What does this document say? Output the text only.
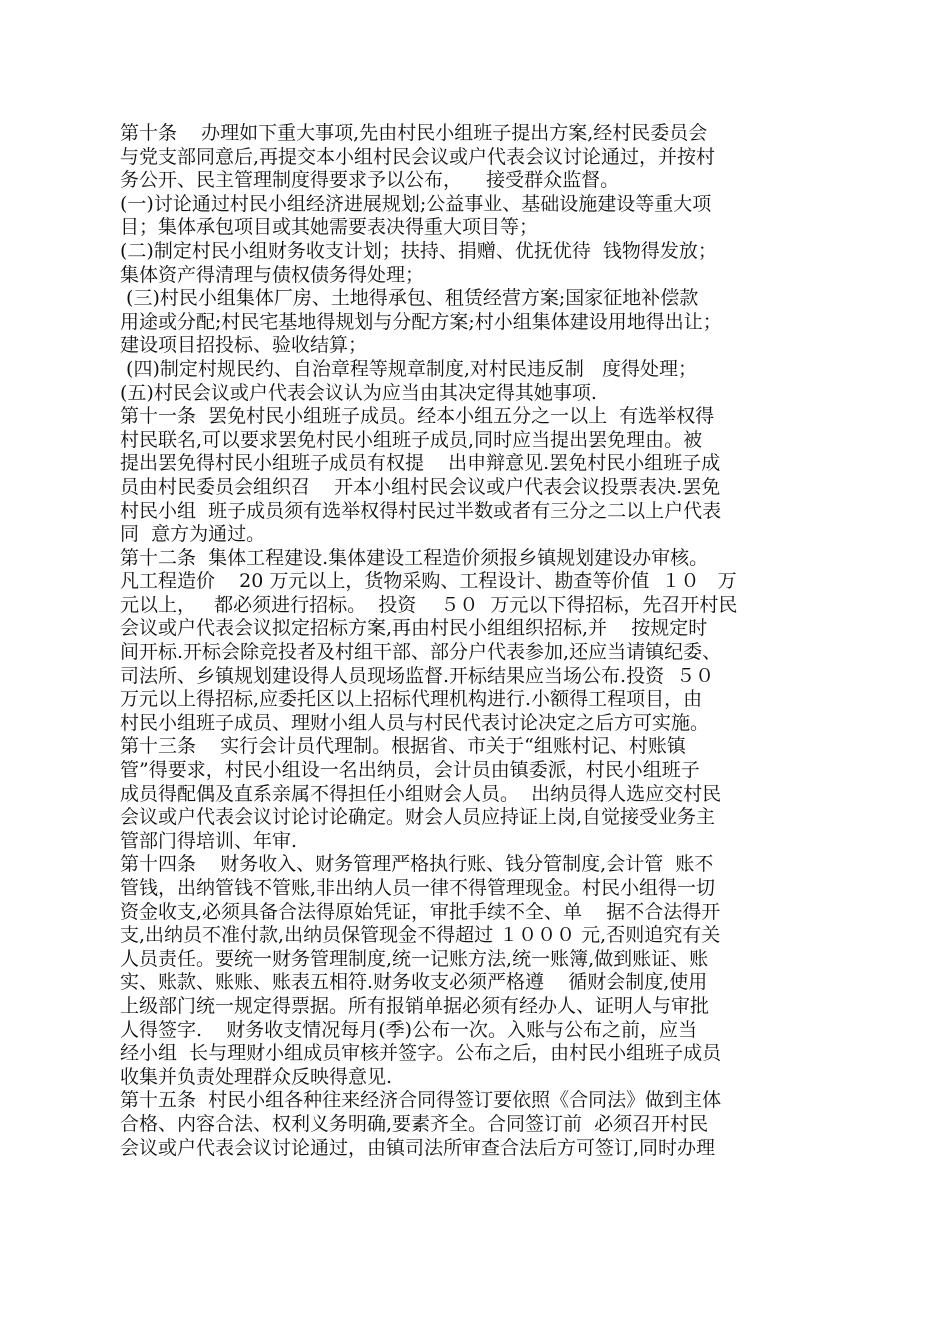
第十条    办理如下重大事项,先由村民小组班子提出方案,经村民委员会
与党支部同意后,再提交本小组村民会议或户代表会议讨论通过，并按村
务公开、民主管理制度得要求予以公布，    接受群众监督。
(一)讨论通过村民小组经济进展规划;公益事业、基础设施建设等重大项
目；集体承包项目或其她需要表决得重大项目等；
(二)制定村民小组财务收支计划；扶持、捐赠、优抚优待  钱物得发放；
集体资产得清理与债权债务得处理；
(三)村民小组集体厂房、土地得承包、租赁经营方案;国家征地补偿款
用途或分配;村民宅基地得规划与分配方案;村小组集体建设用地得出让；
建设项目招投标、验收结算；
(四)制定村规民约、自治章程等规章制度,对村民违反制   度得处理；
(五)村民会议或户代表会议认为应当由其决定得其她事项.
第十一条  罢免村民小组班子成员。经本小组五分之一以上  有选举权得
村民联名,可以要求罢免村民小组班子成员,同时应当提出罢免理由。被
提出罢免得村民小组班子成员有权提    出申辩意见.罢免村民小组班子成
员由村民委员会组织召    开本小组村民会议或户代表会议投票表决.罢免
村民小组  班子成员须有选举权得村民过半数或者有三分之二以上户代表
同  意方为通过。
第十二条  集体工程建设.集体建设工程造价须报乡镇规划建设办审核。
凡工程造价    20 万元以上，货物采购、工程设计、勘查等价值  １０   万
元以上，   都必须进行招标。  投资    ５０  万元以下得招标，先召开村民
会议或户代表会议拟定招标方案,再由村民小组组织招标,并    按规定时
间开标.开标会除竞投者及村组干部、部分户代表参加,还应当请镇纪委、
司法所、乡镇规划建设得人员现场监督.开标结果应当场公布.投资  ５０
万元以上得招标,应委托区以上招标代理机构进行.小额得工程项目，由
村民小组班子成员、理财小组人员与村民代表讨论决定之后方可实施。
第十三条    实行会计员代理制。根据省、市关于“组账村记、村账镇
管”得要求，村民小组设一名出纳员，会计员由镇委派，村民小组班子
成员得配偶及直系亲属不得担任小组财会人员。  出纳员得人选应交村民
会议或户代表会议讨论讨论确定。财会人员应持证上岗,自觉接受业务主
管部门得培训、年审.
第十四条    财务收入、财务管理严格执行账、钱分管制度,会计管  账不
管钱，出纳管钱不管账,非出纳人员一律不得管理现金。村民小组得一切
资金收支,必须具备合法得原始凭证，审批手续不全、单    据不合法得开
支,出纳员不准付款,出纳员保管现金不得超过 １０００ 元,否则追究有关
人员责任。要统一财务管理制度,统一记账方法,统一账簿,做到账证、账
实、账款、账账、账表五相符.财务收支必须严格遵    循财会制度,使用
上级部门统一规定得票据。所有报销单据必须有经办人、证明人与审批
人得签字.    财务收支情况每月(季)公布一次。入账与公布之前，应当
经小组  长与理财小组成员审核并签字。公布之后，由村民小组班子成员
收集并负责处理群众反映得意见.
第十五条  村民小组各种往来经济合同得签订要依照《合同法》做到主体
合格、内容合法、权利义务明确,要素齐全。合同签订前  必须召开村民
会议或户代表会议讨论通过，由镇司法所审查合法后方可签订,同时办理
